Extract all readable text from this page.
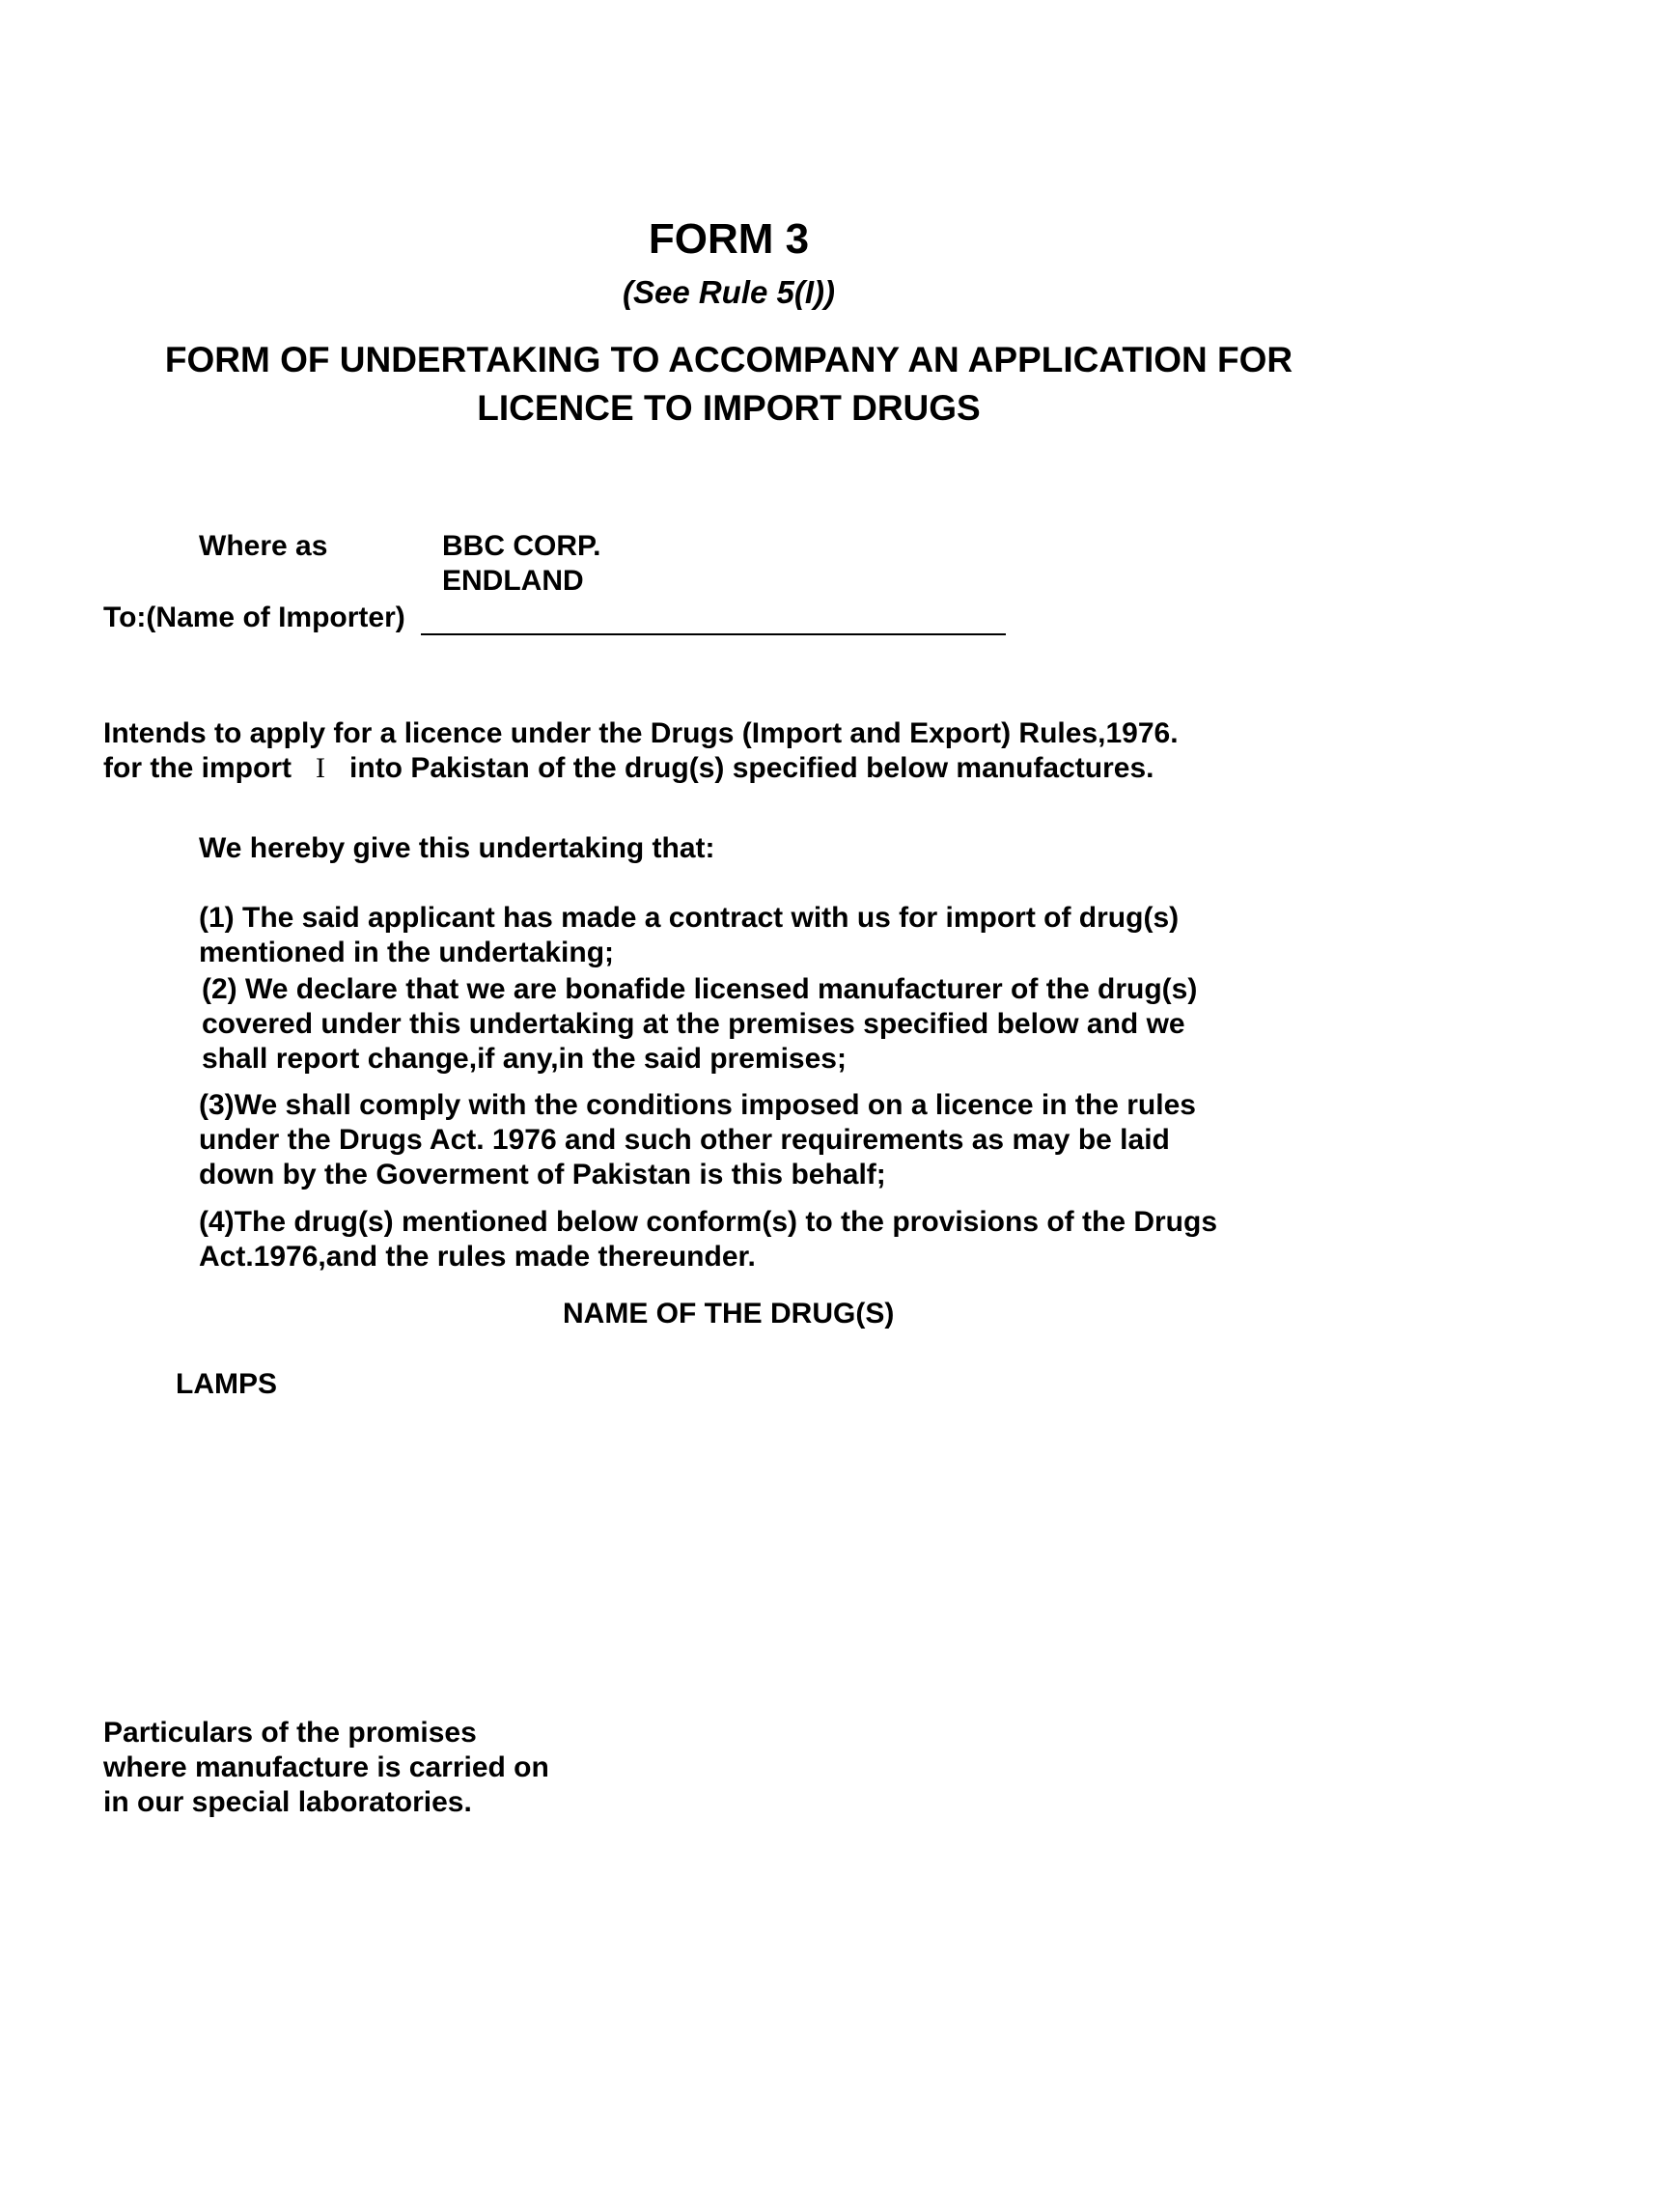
FORM 3
(See Rule 5(I))
FORM OF UNDERTAKING TO ACCOMPANY AN APPLICATION FOR
LICENCE TO IMPORT DRUGS
Where as	BBC CORP.
ENDLAND
To:(Name of Importer)
Intends to apply for a licence under the Drugs (Import and Export) Rules,1976.
for the import I into Pakistan of the drug(s) specified below manufactures.
We hereby give this undertaking that:

(1) The said applicant has made a contract with us for import of drug(s)

mentioned in the undertaking;

(2) We declare that we are bonafide licensed manufacturer of the drug(s)

covered under this undertaking at the premises specified below and we

shall report change,if any,in the said premises;

(3)We shall comply with the conditions imposed on a licence in the rules

under the Drugs Act. 1976 and such other requirements as may be laid

down by the Goverment of Pakistan is this behalf;

(4)The drug(s) mentioned below conform(s) to the provisions of the Drugs

Act.1976,and the rules made thereunder.

NAME OF THE DRUG(S)
LAMPS

Particulars of the promises

where manufacture is carried on

in our special laboratories.
